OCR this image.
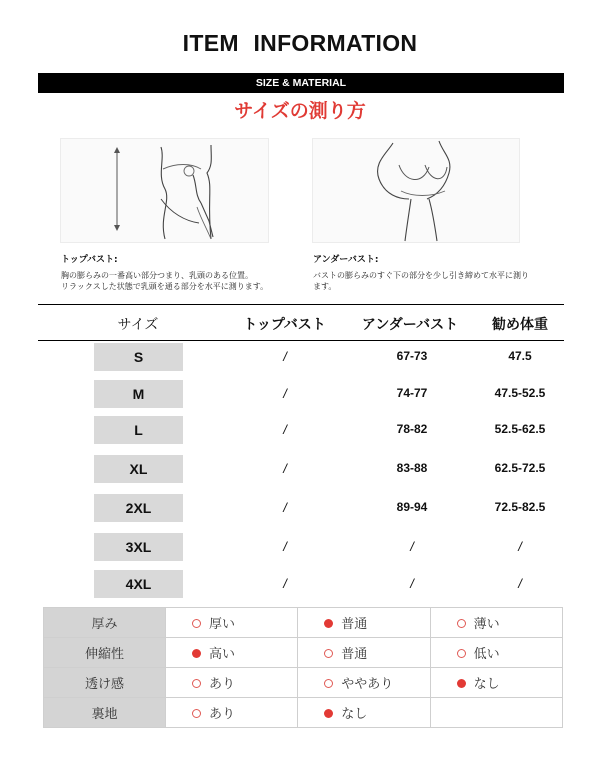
ITEM INFORMATION
SIZE & MATERIAL
サイズの測り方
トップバスト:
胸の膨らみの一番高い部分つまり、乳頭のある位置。
リラックスした状態で乳頭を通る部分を水平に測ります。
アンダーバスト:
バストの膨らみのすぐ下の部分を少し引き締めて水平に測り
ます。
サイズ	トップバスト	アンダーバスト	勧め体重
S	/	67-73	47.5
M	/	74-77	47.5-52.5
L	/	78-82	52.5-62.5
XL	/	83-88	62.5-72.5
2XL	/	89-94	72.5-82.5
3XL	/	/	/
4XL	/	/	/
厚み	厚い	普通	薄い
伸縮性	高い	普通	低い
透け感	あり	ややあり	なし
裏地	あり	なし	
